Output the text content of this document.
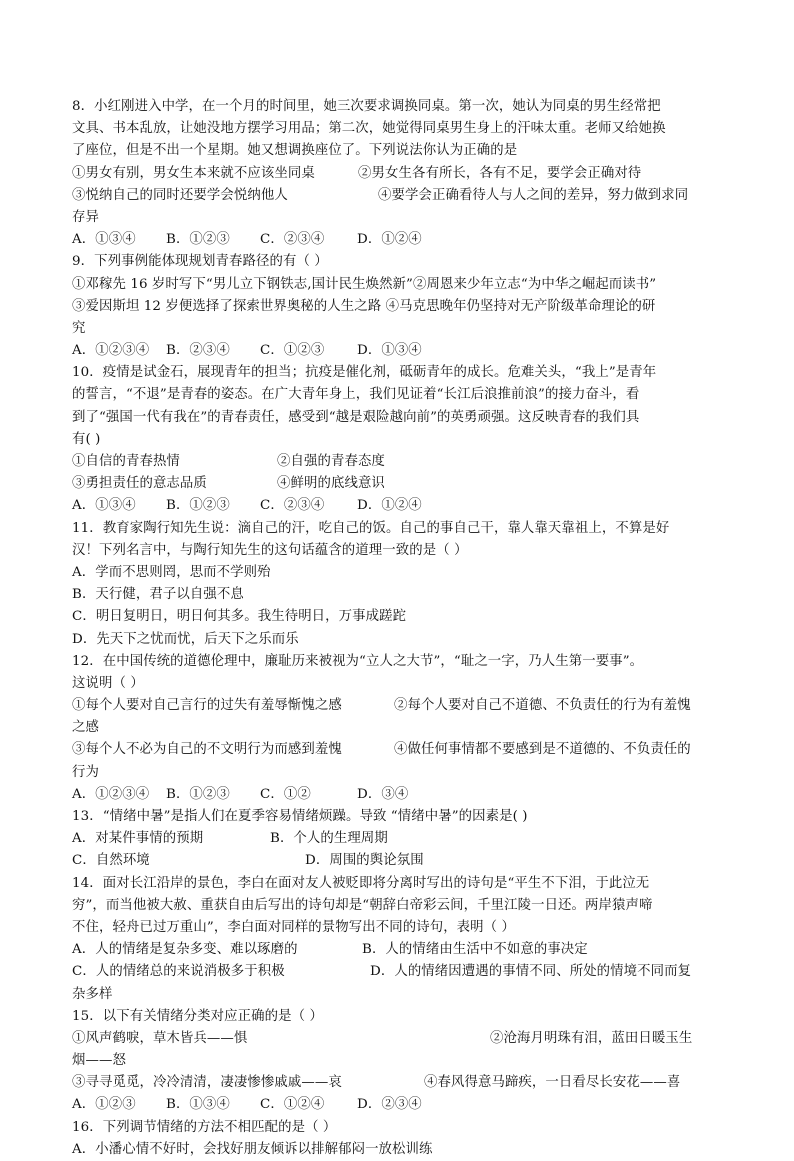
8．小红刚进入中学，在一个月的时间里，她三次要求调换同桌。第一次，她认为同桌的男生经常把
文具、书本乱放，让她没地方摆学习用品；第二次，她觉得同桌男生身上的汗味太重。老师又给她换
了座位，但是不出一个星期。她又想调换座位了。下列说法你认为正确的是
①男女有别，男女生本来就不应该坐同桌	②男女生各有所长，各有不足，要学会正确对待
③悦纳自己的同时还要学会悦纳他人	④要学会正确看待人与人之间的差异，努力做到求同
存异
A．①③④	B．①②③	C．②③④	D．①②④
9．下列事例能体现规划青春路径的有（ ）
①邓稼先 16 岁时写下“男儿立下钢铁志,国计民生焕然新”②周恩来少年立志“为中华之崛起而读书”
③爱因斯坦 12 岁便选择了探索世界奥秘的人生之路 ④马克思晚年仍坚持对无产阶级革命理论的研
究
A．①②③④	B．②③④	C．①②③	D．①③④
10．疫情是试金石，展现青年的担当；抗疫是催化剂，砥砺青年的成长。危难关头，“我上”是青年
的誓言，“不退”是青春的姿态。在广大青年身上，我们见证着“长江后浪推前浪”的接力奋斗，看
到了“强国一代有我在”的青春责任，感受到“越是艰险越向前”的英勇顽强。这反映青春的我们具
有( )
①自信的青春热情	②自强的青春态度
③勇担责任的意志品质	④鲜明的底线意识
A．①③④	B．①②③	C．②③④	D．①②④
11．教育家陶行知先生说：滴自己的汗，吃自己的饭。自己的事自己干，靠人靠天靠祖上，不算是好
汉！下列名言中，与陶行知先生的这句话蕴含的道理一致的是（ ）
A．学而不思则罔，思而不学则殆
B．天行健，君子以自强不息
C．明日复明日，明日何其多。我生待明日，万事成蹉跎
D．先天下之忧而忧，后天下之乐而乐
12．在中国传统的道德伦理中，廉耻历来被视为“立人之大节”，“耻之一字，乃人生第一要事”。
这说明（ ）
①每个人要对自己言行的过失有羞辱惭愧之感	②每个人要对自己不道德、不负责任的行为有羞愧
之感
③每个人不必为自己的不文明行为而感到羞愧	④做任何事情都不要感到是不道德的、不负责任的
行为
A．①②③④	B．①②③	C．①②	D．③④
13．“情绪中暑”是指人们在夏季容易情绪烦躁。导致 “情绪中暑”的因素是( )
A．对某件事情的预期	B．个人的生理周期
C．自然环境	D．周围的舆论氛围
14．面对长江沿岸的景色，李白在面对友人被贬即将分离时写出的诗句是“平生不下泪，于此泣无
穷”，而当他被大赦、重获自由后写出的诗句却是“朝辞白帝彩云间，千里江陵一日还。两岸猿声啼
不住，轻舟已过万重山”，李白面对同样的景物写出不同的诗句，表明（ ）
A．人的情绪是复杂多变、难以琢磨的	B．人的情绪由生活中不如意的事决定
C．人的情绪总的来说消极多于积极	D．人的情绪因遭遇的事情不同、所处的情境不同而复
杂多样
15．以下有关情绪分类对应正确的是（ ）
①风声鹤唳，草木皆兵——惧	②沧海月明珠有泪，蓝田日暖玉生
烟——怒
③寻寻觅觅，冷冷清清，凄凄惨惨戚戚——哀	④春风得意马蹄疾，一日看尽长安花——喜
A．①②③	B．①③④	C．①②④	D．②③④
16．下列调节情绪的方法不相匹配的是（ ）
A．小潘心情不好时，会找好朋友倾诉以排解郁闷一放松训练
